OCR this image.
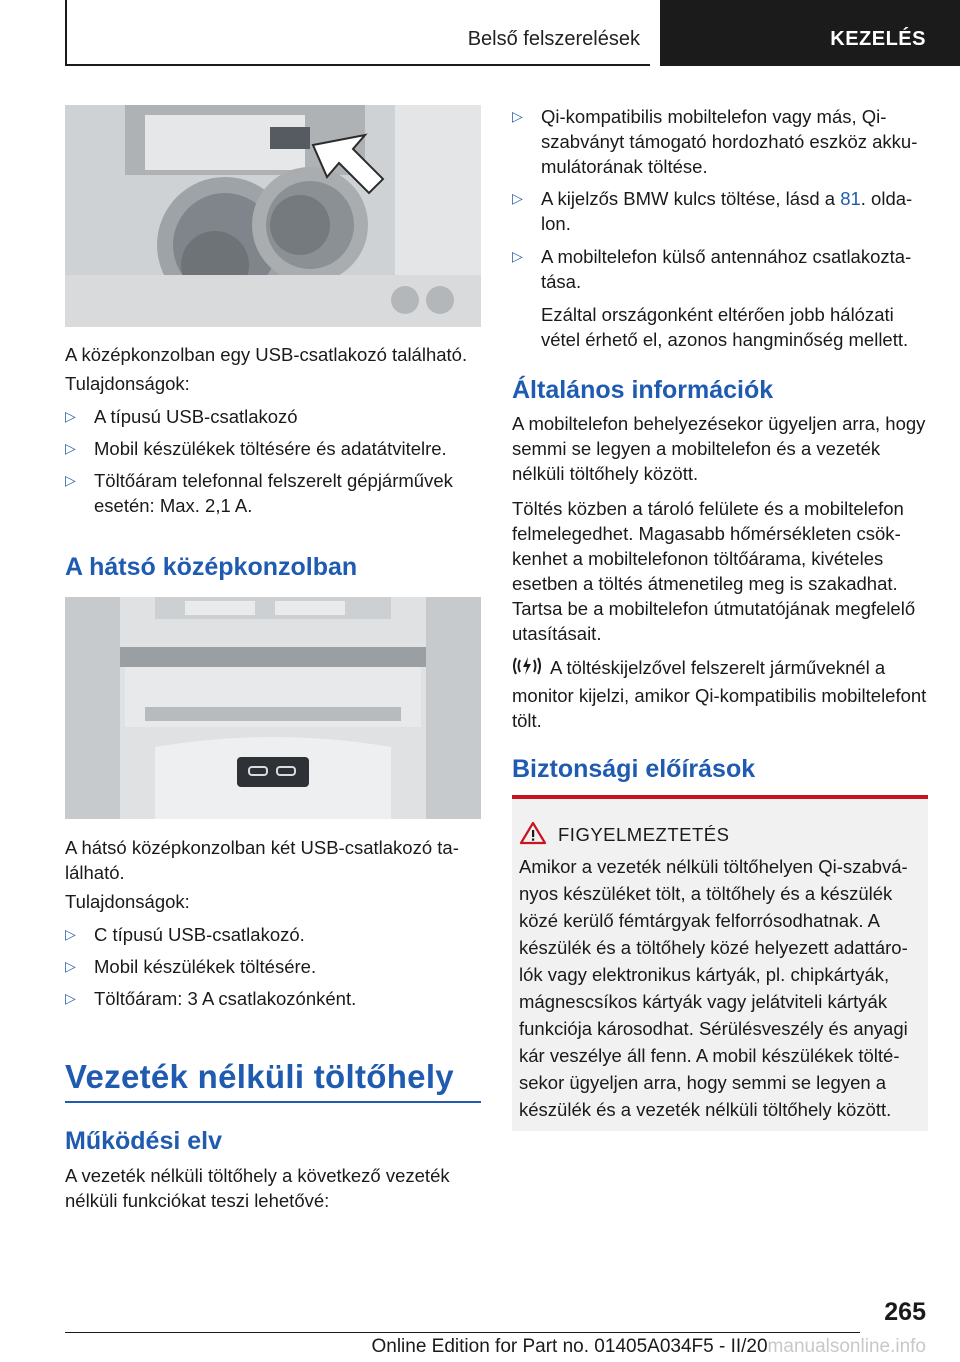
Belső felszerelések	KEZELÉS

A középkonzolban egy USB-csatlakozó található.

Tulajdonságok:

▷ A típusú USB-csatlakozó
▷ Mobil készülékek töltésére és adatátvitelre.
▷ Töltőáram telefonnal felszerelt gépjárművek esetén: Max. 2,1 A.
A hátsó középkonzolban

A hátsó középkonzolban két USB-csatlakozó található.

Tulajdonságok:

▷ C típusú USB-csatlakozó.
▷ Mobil készülékek töltésére.
▷ Töltőáram: 3 A csatlakozónként.
Vezeték nélküli töltőhely
Működési elv

A vezeték nélküli töltőhely a következő vezeték nélküli funkciókat teszi lehetővé:

▷ Qi-kompatibilis mobiltelefon vagy más, Qi-szabványt támogató hordozható eszköz akkumulátorának töltése.
▷ A kijelzős BMW kulcs töltése, lásd a 81. oldalon.
▷ A mobiltelefon külső antennához csatlakoztatása.

Ezáltal országonként eltérően jobb hálózati vétel érhető el, azonos hangminőség mellett.

Általános információk

A mobiltelefon behelyezésekor ügyeljen arra, hogy semmi se legyen a mobiltelefon és a vezeték nélküli töltőhely között.

Töltés közben a tároló felülete és a mobiltelefon felmelegedhet. Magasabb hőmérsékleten csökkenhet a mobiltelefonon töltőárama, kivételes esetben a töltés átmenetileg meg is szakadhat. Tartsa be a mobiltelefon útmutatójának megfelelő utasításait.

A töltéskijelzővel felszerelt járműveknél a monitor kijelzi, amikor Qi-kompatibilis mobiltelefont tölt.

Biztonsági előírások
FIGYELMEZTETÉS
Amikor a vezeték nélküli töltőhelyen Qi-szabványos készüléket tölt, a töltőhely és a készülék közé kerülő fémtárgyak felforrósodhatnak. A készülék és a töltőhely közé helyezett adattárolók vagy elektronikus kártyák, pl. chipkártyák, mágnescsíkos kártyák vagy jelátviteli kártyák funkciója károsodhat. Sérülésveszély és anyagi kár veszélye áll fenn. A mobil készülékek töltésekor ügyeljen arra, hogy semmi se legyen a készülék és a vezeték nélküli töltőhely között.
265
Online Edition for Part no. 01405A034F5 - II/20manualsonline.info
